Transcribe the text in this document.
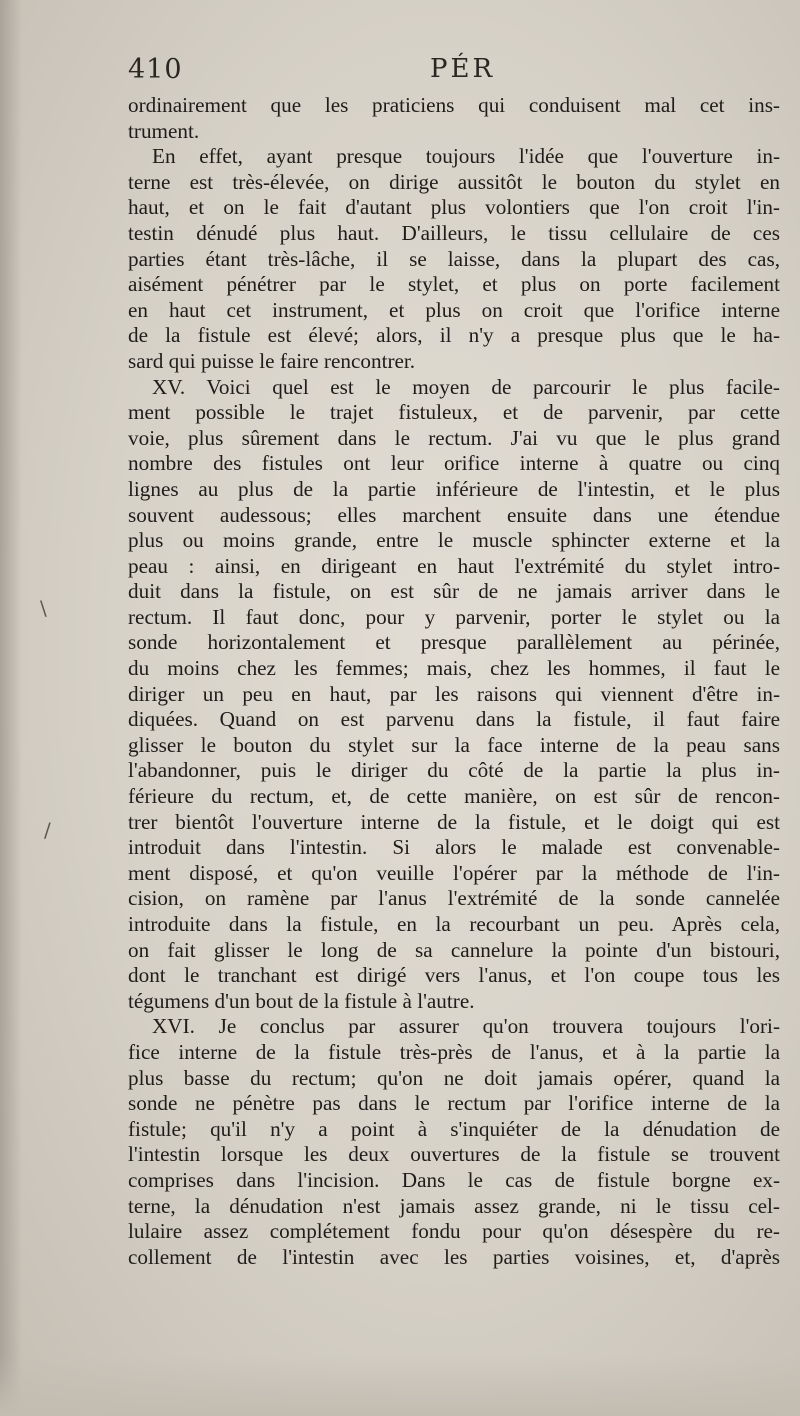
410	PÉR
ordinairement que les praticiens qui conduisent mal cet ins-
trument.
En effet, ayant presque toujours l'idée que l'ouverture in-
terne est très-élevée, on dirige aussitôt le bouton du stylet en
haut, et on le fait d'autant plus volontiers que l'on croit l'in-
testin dénudé plus haut. D'ailleurs, le tissu cellulaire de ces
parties étant très-lâche, il se laisse, dans la plupart des cas,
aisément pénétrer par le stylet, et plus on porte facilement
en haut cet instrument, et plus on croit que l'orifice interne
de la fistule est élevé; alors, il n'y a presque plus que le ha-
sard qui puisse le faire rencontrer.
XV. Voici quel est le moyen de parcourir le plus facile-
ment possible le trajet fistuleux, et de parvenir, par cette
voie, plus sûrement dans le rectum. J'ai vu que le plus grand
nombre des fistules ont leur orifice interne à quatre ou cinq
lignes au plus de la partie inférieure de l'intestin, et le plus
souvent audessous; elles marchent ensuite dans une étendue
plus ou moins grande, entre le muscle sphincter externe et la
peau : ainsi, en dirigeant en haut l'extrémité du stylet intro-
duit dans la fistule, on est sûr de ne jamais arriver dans le
rectum. Il faut donc, pour y parvenir, porter le stylet ou la
sonde horizontalement et presque parallèlement au périnée,
du moins chez les femmes; mais, chez les hommes, il faut le
diriger un peu en haut, par les raisons qui viennent d'être in-
diquées. Quand on est parvenu dans la fistule, il faut faire
glisser le bouton du stylet sur la face interne de la peau sans
l'abandonner, puis le diriger du côté de la partie la plus in-
férieure du rectum, et, de cette manière, on est sûr de rencon-
trer bientôt l'ouverture interne de la fistule, et le doigt qui est
introduit dans l'intestin. Si alors le malade est convenable-
ment disposé, et qu'on veuille l'opérer par la méthode de l'in-
cision, on ramène par l'anus l'extrémité de la sonde cannelée
introduite dans la fistule, en la recourbant un peu. Après cela,
on fait glisser le long de sa cannelure la pointe d'un bistouri,
dont le tranchant est dirigé vers l'anus, et l'on coupe tous les
tégumens d'un bout de la fistule à l'autre.
XVI. Je conclus par assurer qu'on trouvera toujours l'ori-
fice interne de la fistule très-près de l'anus, et à la partie la
plus basse du rectum; qu'on ne doit jamais opérer, quand la
sonde ne pénètre pas dans le rectum par l'orifice interne de la
fistule; qu'il n'y a point à s'inquiéter de la dénudation de
l'intestin lorsque les deux ouvertures de la fistule se trouvent
comprises dans l'incision. Dans le cas de fistule borgne ex-
terne, la dénudation n'est jamais assez grande, ni le tissu cel-
lulaire assez complétement fondu pour qu'on désespère du re-
collement de l'intestin avec les parties voisines, et, d'après
\
/
